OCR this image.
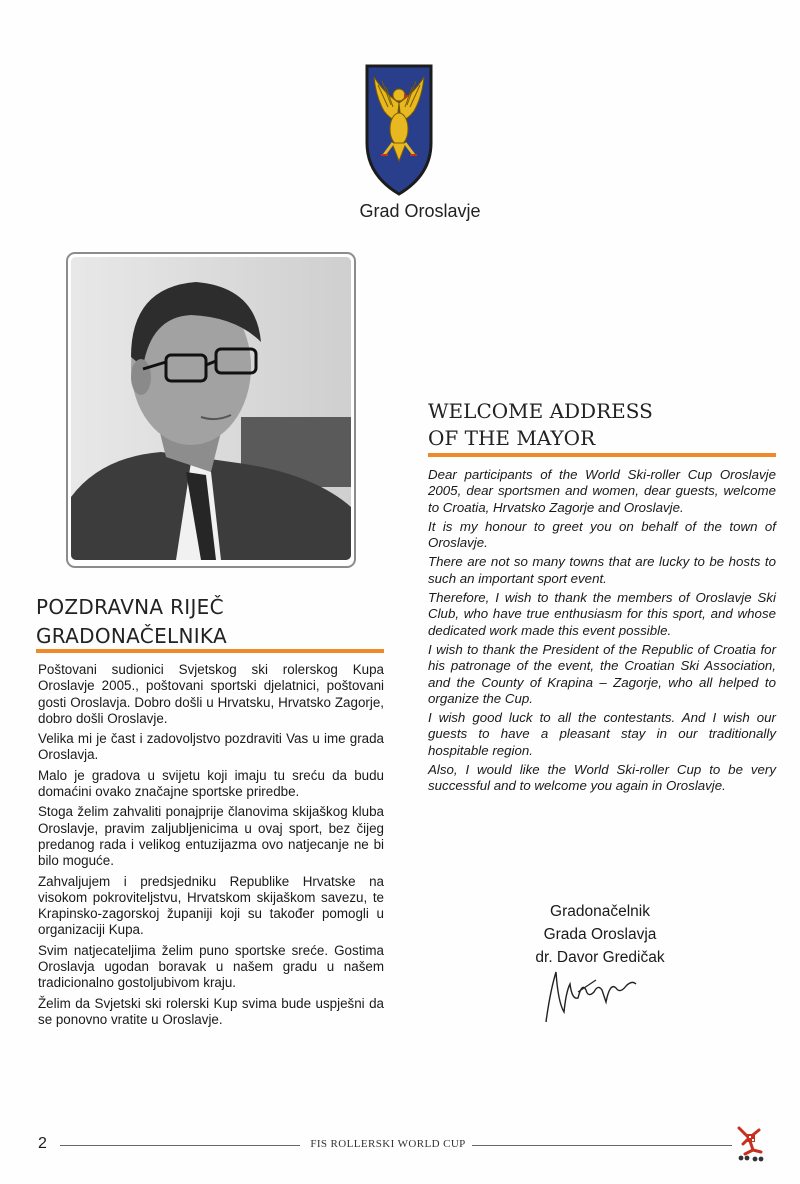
Grad Oroslavje
WELCOME ADDRESS
OF THE MAYOR

Dear participants of the World Ski-roller Cup Oroslavje 2005, dear sportsmen and women, dear guests, welcome to Croatia, Hrvatsko Zagorje and Oroslavje.

It is my honour to greet you on behalf of the town of Oroslavje.

There are not so many towns that are lucky to be hosts to such an important sport event.

Therefore, I wish to thank the members of Oroslavje Ski Club, who have true enthusiasm for this sport, and whose dedicated work made this event possible.

I wish to thank the President of the Republic of Croatia for his patronage of the event, the Croatian Ski Association, and the County of Krapina – Zagorje, who all helped to organize the Cup.

I wish good luck to all the contestants. And I wish our guests to have a pleasant stay in our traditionally hospitable region.

Also, I would like the World Ski-roller Cup to be very successful and to welcome you again in Oroslavje.

POZDRAVNA RIJEČ
GRADONAČELNIKA

Poštovani sudionici Svjetskog ski rolerskog Kupa Oroslavje 2005., poštovani sportski djelatnici, poštovani gosti Oroslavja. Dobro došli u Hrvatsku, Hrvatsko Zagorje, dobro došli Oroslavje.

Velika mi je čast i zadovoljstvo pozdraviti Vas u ime grada Oroslavja.

Malo je gradova u svijetu koji imaju tu sreću da budu domaćini ovako značajne sportske priredbe.

Stoga želim zahvaliti ponajprije članovima skijaškog kluba Oroslavje, pravim zaljubljenicima u ovaj sport, bez čijeg predanog rada i velikog entuzijazma ovo natjecanje ne bi bilo moguće.

Zahvaljujem i predsjedniku Republike Hrvatske na visokom pokroviteljstvu, Hrvatskom skijaškom savezu, te Krapinsko-zagorskoj županiji koji su također pomogli u organizaciji Kupa.

Svim natjecateljima želim puno sportske sreće. Gostima Oroslavja ugodan boravak u našem gradu u našem tradicionalno gostoljubivom kraju.

Želim da Svjetski ski rolerski Kup svima bude uspješni da se ponovno vratite u Oroslavje.

Gradonačelnik
Grada Oroslavja
dr. Davor Gredičak
2	FIS ROLLERSKI WORLD CUP
